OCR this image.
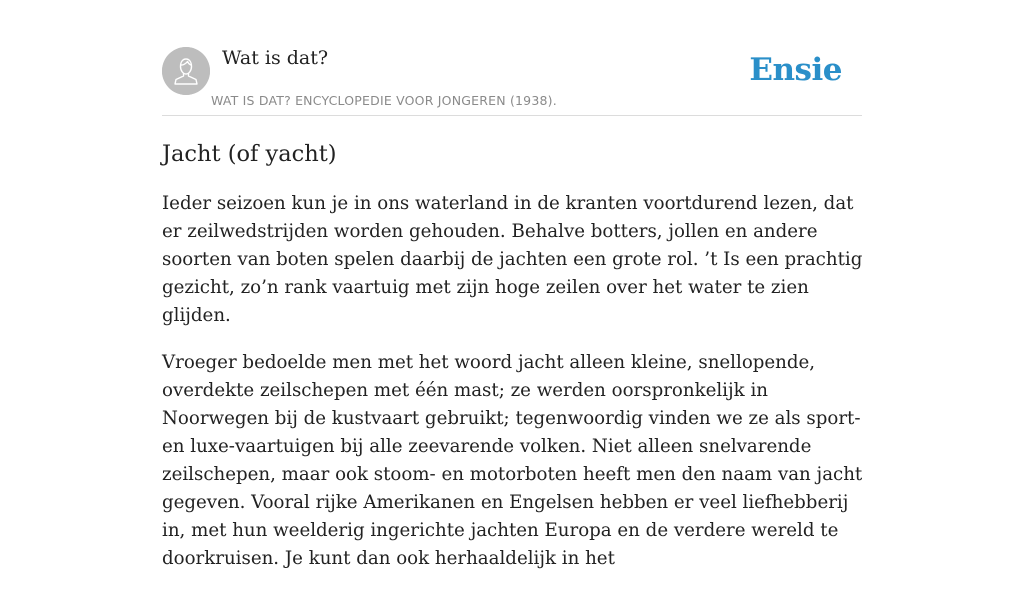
Wat is dat?
WAT IS DAT? ENCYCLOPEDIE VOOR JONGEREN (1938).
Ensie
Jacht (of yacht)

Ieder seizoen kun je in ons waterland in de kranten voortdurend lezen, dat er zeilwedstrijden worden gehouden. Behalve botters, jollen en andere soorten van boten spelen daarbij de jachten een grote rol. ’t Is een prachtig gezicht, zo’n rank vaartuig met zijn hoge zeilen over het water te zien glijden.

Vroeger bedoelde men met het woord jacht alleen kleine, snellopende, overdekte zeilschepen met één mast; ze werden oorspronkelijk in Noorwegen bij de kustvaart gebruikt; tegenwoordig vinden we ze als sport- en luxe-vaartuigen bij alle zeevarende volken. Niet alleen snelvarende zeilschepen, maar ook stoom- en motorboten heeft men den naam van jacht gegeven. Vooral rijke Amerikanen en Engelsen hebben er veel liefhebberij in, met hun weelderig ingerichte jachten Europa en de verdere wereld te doorkruisen. Je kunt dan ook herhaaldelijk in het
